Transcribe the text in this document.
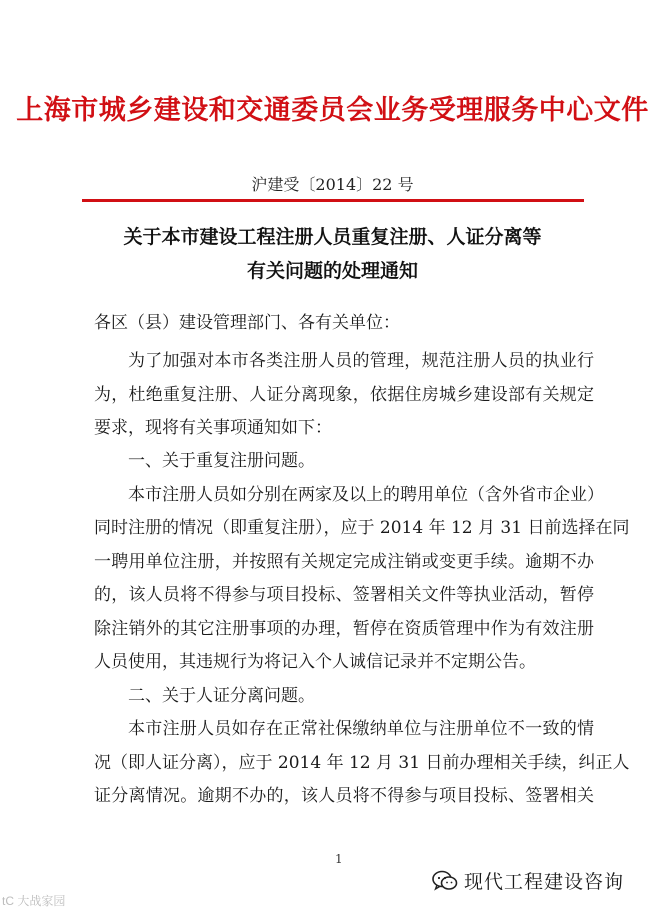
上海市城乡建设和交通委员会业务受理服务中心文件
沪建受〔2014〕22 号
关于本市建设工程注册人员重复注册、人证分离等
有关问题的处理通知
各区（县）建设管理部门、各有关单位：
为了加强对本市各类注册人员的管理，规范注册人员的执业行
为，杜绝重复注册、人证分离现象，依据住房城乡建设部有关规定
要求，现将有关事项通知如下：
一、关于重复注册问题。
本市注册人员如分别在两家及以上的聘用单位（含外省市企业）
同时注册的情况（即重复注册），应于 2014 年 12 月 31 日前选择在同
一聘用单位注册，并按照有关规定完成注销或变更手续。逾期不办
的，该人员将不得参与项目投标、签署相关文件等执业活动，暂停
除注销外的其它注册事项的办理，暂停在资质管理中作为有效注册
人员使用，其违规行为将记入个人诚信记录并不定期公告。
二、关于人证分离问题。
本市注册人员如存在正常社保缴纳单位与注册单位不一致的情
况（即人证分离），应于 2014 年 12 月 31 日前办理相关手续，纠正人
证分离情况。逾期不办的，该人员将不得参与项目投标、签署相关
1
tC 大战家园
现代工程建设咨询
